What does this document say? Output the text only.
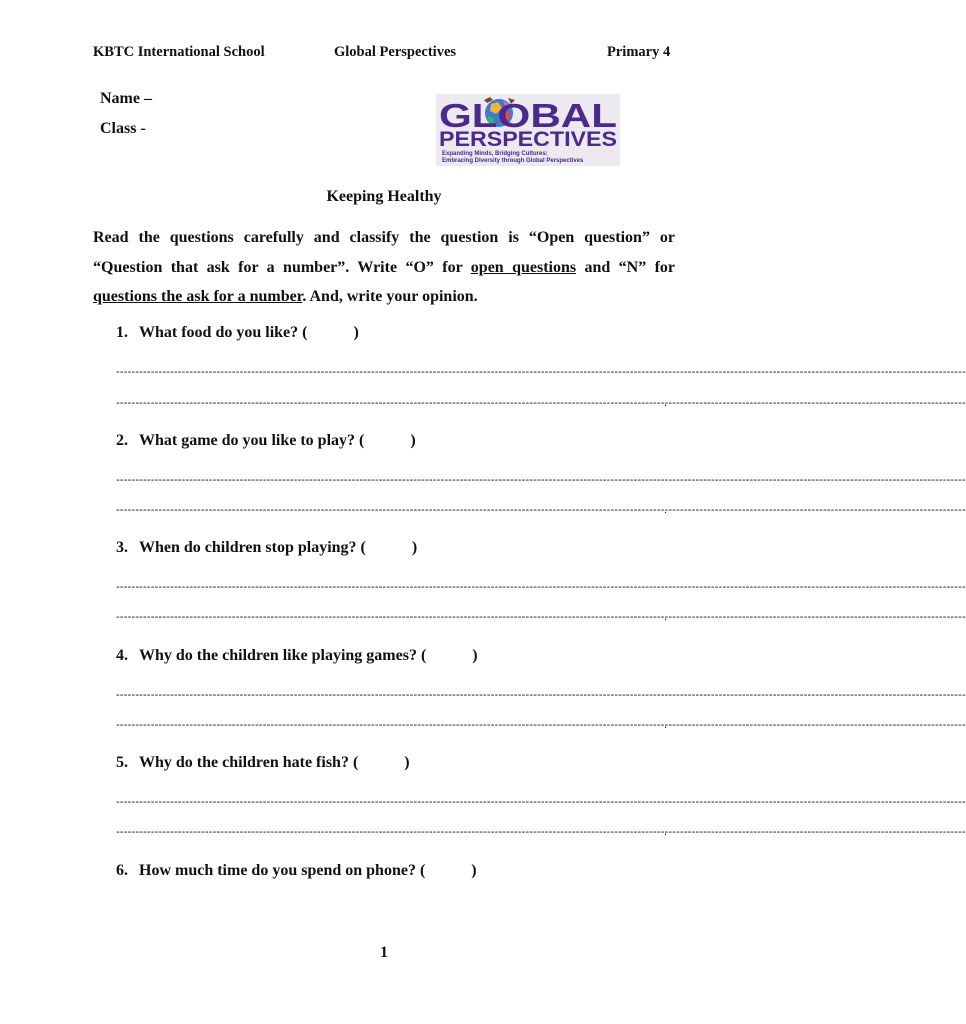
KBTC International School	Global Perspectives	Primary 4
Name –
Class -	GLOBAL
PERSPECTIVES
Expanding Minds, Bridging Cultures:
Embracing Diversity through Global Perspectives
Keeping Healthy
Read the questions carefully and classify the question is “Open question” or “Question that ask for a number”. Write “O” for open questions and “N” for questions the ask for a number. And, write your opinion.
1. What food do you like? (	)
----------------------------------------------------------------------------------------------------------------------------------------------------------------------------------------------------------------------------
---------------------------------------------------------------------------------------------------------------------------------------------------------------------------------------------------------------------------- .
2. What game do you like to play? (	)
----------------------------------------------------------------------------------------------------------------------------------------------------------------------------------------------------------------------------
---------------------------------------------------------------------------------------------------------------------------------------------------------------------------------------------------------------------------- .
3. When do children stop playing? (	)
----------------------------------------------------------------------------------------------------------------------------------------------------------------------------------------------------------------------------
---------------------------------------------------------------------------------------------------------------------------------------------------------------------------------------------------------------------------- .
4. Why do the children like playing games? (	)
----------------------------------------------------------------------------------------------------------------------------------------------------------------------------------------------------------------------------
---------------------------------------------------------------------------------------------------------------------------------------------------------------------------------------------------------------------------- .
5. Why do the children hate fish? (	)
----------------------------------------------------------------------------------------------------------------------------------------------------------------------------------------------------------------------------
---------------------------------------------------------------------------------------------------------------------------------------------------------------------------------------------------------------------------- .
6. How much time do you spend on phone? (	)
1
